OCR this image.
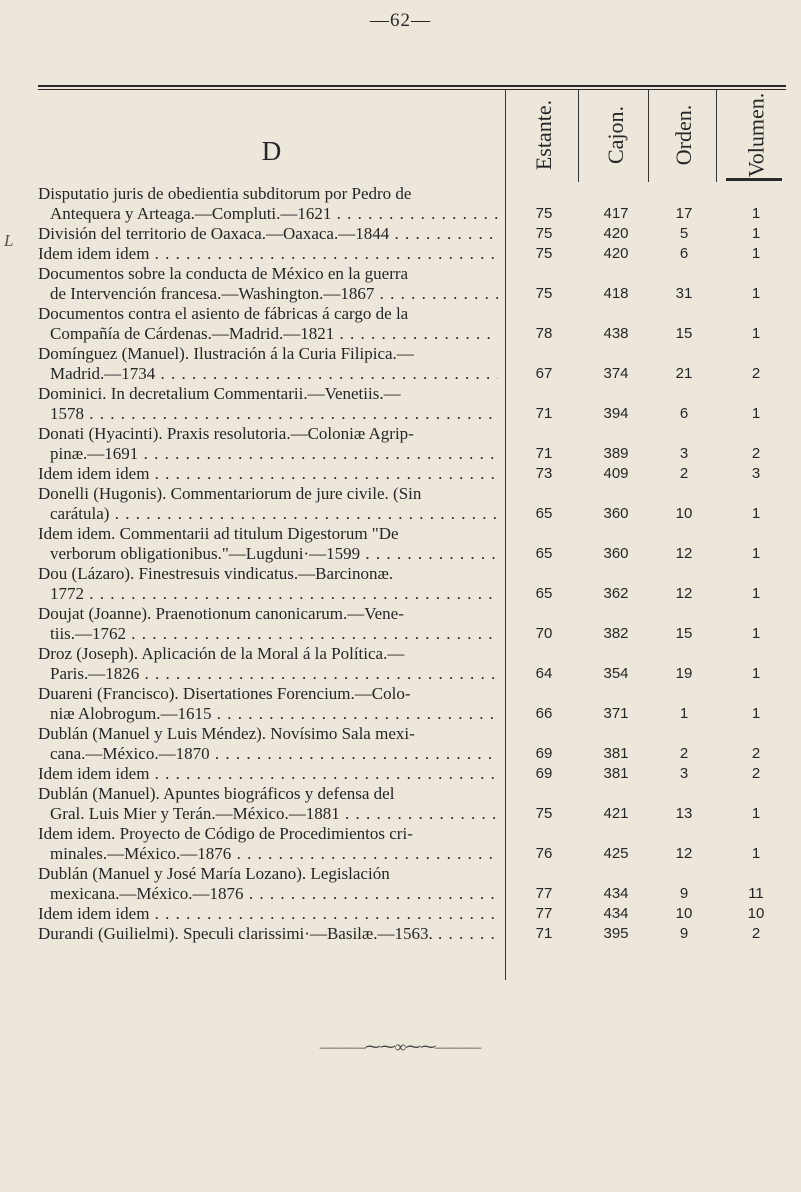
—62—
D	Estante. Cajon. Orden. Volumen.
L
Disputatio juris de obedientia subditorum por Pedro de
Antequera y Arteaga.—Compluti.—1621 . . .	75	417	17	1
División del territorio de Oaxaca.—Oaxaca.—1844 . . .	75	420	5	1
Idem idem idem . . .	75	420	6	1
Documentos sobre la conducta de México en la guerra
de Intervención francesa.—Washington.—1867 . . .	75	418	31	1
Documentos contra el asiento de fábricas á cargo de la
Compañía de Cárdenas.—Madrid.—1821 . . .	78	438	15	1
Domínguez (Manuel). Ilustración á la Curia Filipica.—
Madrid.—1734 . . .	67	374	21	2
Dominici. In decretalium Commentarii.—Venetiis.—
1578 . . .	71	394	6	1
Donati (Hyacinti). Praxis resolutoria.—Coloniæ Agrip-
pinæ.—1691 . . .	71	389	3	2
Idem idem idem . . .	73	409	2	3
Donelli (Hugonis). Commentariorum de jure civile. (Sin
carátula) . . .	65	360	10	1
Idem idem. Commentarii ad titulum Digestorum "De
verborum obligationibus."—Lugduni·—1599 . . .	65	360	12	1
Dou (Lázaro). Finestresuis vindicatus.—Barcinonæ.
1772 . . .	65	362	12	1
Doujat (Joanne). Praenotionum canonicarum.—Vene-
tiis.—1762 . . .	70	382	15	1
Droz (Joseph). Aplicación de la Moral á la Política.—
Paris.—1826 . . .	64	354	19	1
Duareni (Francisco). Disertationes Forencium.—Colo-
niæ Alobrogum.—1615 . . .	66	371	1	1
Dublán (Manuel y Luis Méndez). Novísimo Sala mexi-
cana.—México.—1870 . . .	69	381	2	2
Idem idem idem . . .	69	381	3	2
Dublán (Manuel). Apuntes biográficos y defensa del
Gral. Luis Mier y Terán.—México.—1881 . . .	75	421	13	1
Idem idem. Proyecto de Código de Procedimientos cri-
minales.—México.—1876 . . .	76	425	12	1
Dublán (Manuel y José María Lozano). Legislación
mexicana.—México.—1876 . . .	77	434	9	11
Idem idem idem . . .	77	434	10	10
Durandi (Guilielmi). Speculi clarissimi·—Basilæ.—1563. . . .	71	395	9	2
———⁓⁓∞⁓⁓———
